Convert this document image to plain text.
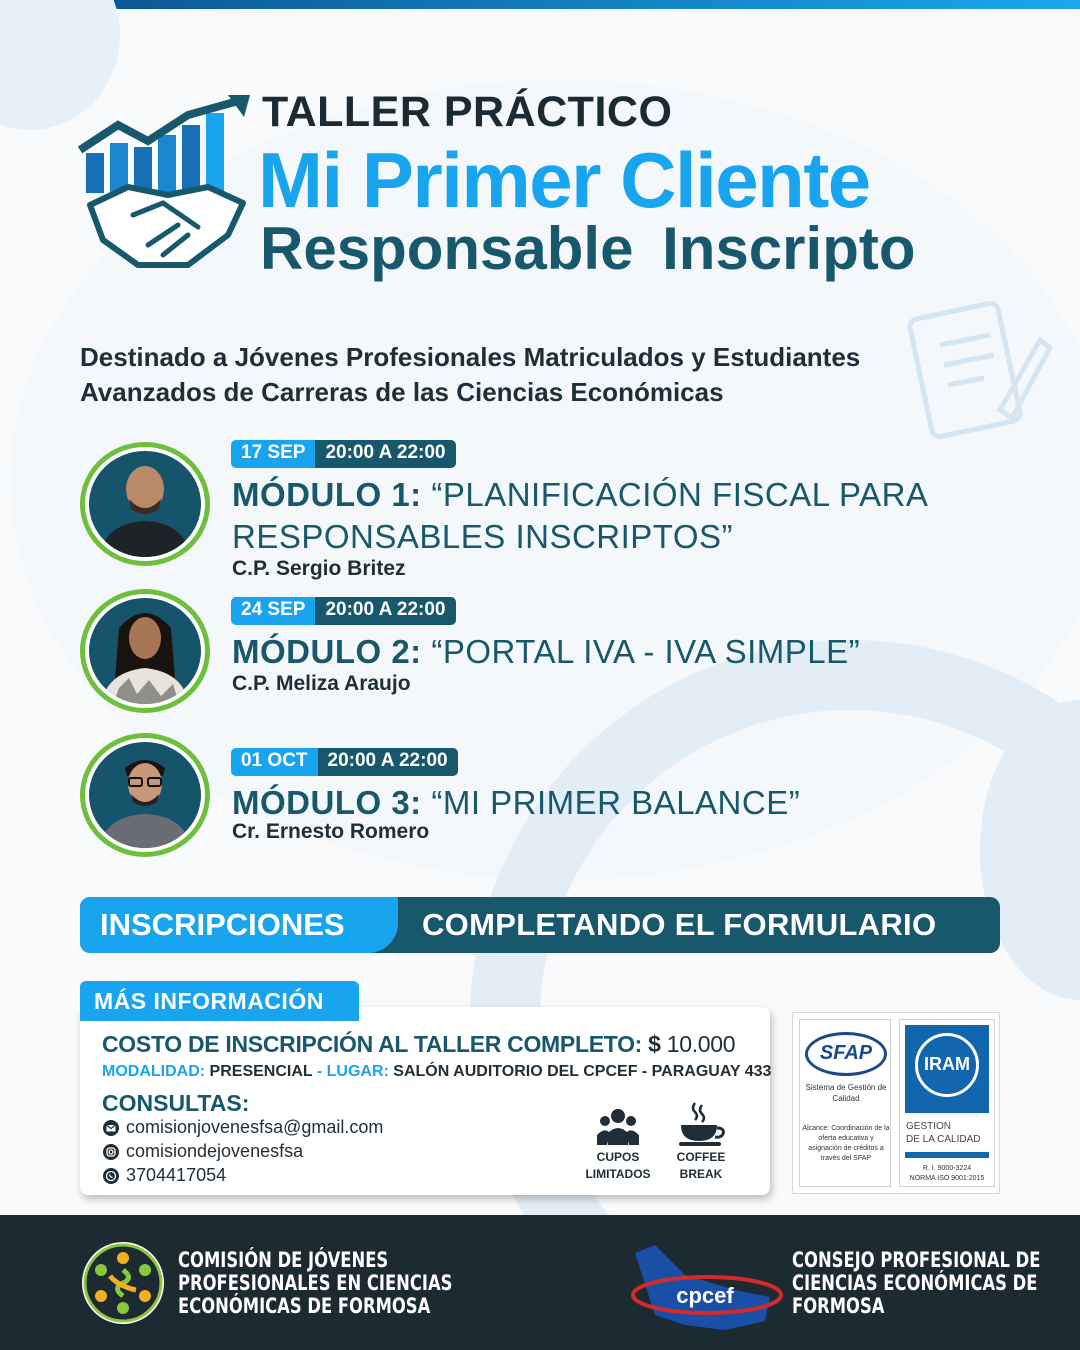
TALLER PRÁCTICO
Mi Primer Cliente
Responsable Inscripto
Destinado a Jóvenes Profesionales Matriculados y Estudiantes
Avanzados de Carreras de las Ciencias Económicas
17 SEP	20:00 A 22:00
MÓDULO 1: “PLANIFICACIÓN FISCAL PARA
RESPONSABLES INSCRIPTOS”
C.P. Sergio Britez
24 SEP	20:00 A 22:00
MÓDULO 2: “PORTAL IVA - IVA SIMPLE”
C.P. Meliza Araujo
01 OCT	20:00 A 22:00
MÓDULO 3: “MI PRIMER BALANCE”
Cr. Ernesto Romero
INSCRIPCIONES	COMPLETANDO EL FORMULARIO
MÁS INFORMACIÓN
COSTO DE INSCRIPCIÓN AL TALLER COMPLETO: $ 10.000
MODALIDAD: PRESENCIAL - LUGAR: SALÓN AUDITORIO DEL CPCEF - PARAGUAY 433
CONSULTAS:
comisionjovenesfsa@gmail.com
comisiondejovenesfsa
3704417054
CUPOS
LIMITADOS
COFFEE
BREAK
SFAP
Sistema de Gestión de Calidad
Alcance: Coordinación de la oferta educativa y asignación de créditos a través del SFAP
IRAM
GESTION
DE LA CALIDAD
R. I. 9000-3224
NORMA ISO 9001:2015
COMISIÓN DE JÓVENES
PROFESIONALES EN CIENCIAS
ECONÓMICAS DE FORMOSA	cpcef
CONSEJO PROFESIONAL DE
CIENCIAS ECONÓMICAS DE
FORMOSA
